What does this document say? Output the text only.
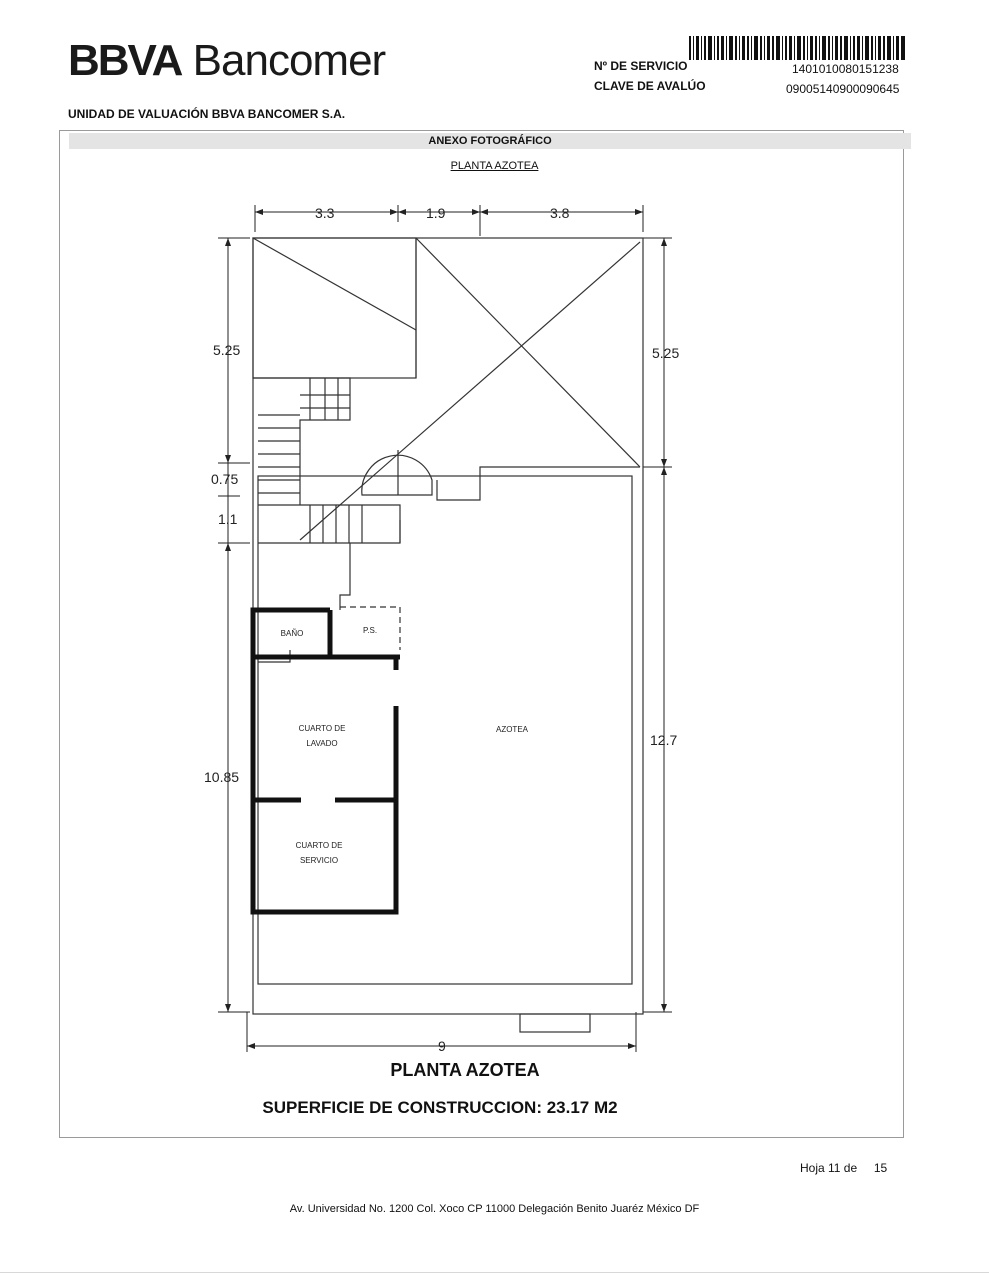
BBVA Bancomer	Nº DE SERVICIO	1401010080151238
CLAVE DE AVALÚO	09005140900090645
UNIDAD DE VALUACIÓN BBVA BANCOMER S.A.
ANEXO FOTOGRÁFICO
PLANTA AZOTEA
3.3	1.9	3.8
5.25	5.25
0.75
1.1
10.85
12.7
9
BAÑO	P.S.
CUARTO DE
LAVADO
CUARTO DE
SERVICIO
AZOTEA
PLANTA AZOTEA
SUPERFICIE DE CONSTRUCCION: 23.17 M2
Hoja 11 de 15
Av. Universidad No. 1200 Col. Xoco CP 11000 Delegación Benito Juaréz México DF
